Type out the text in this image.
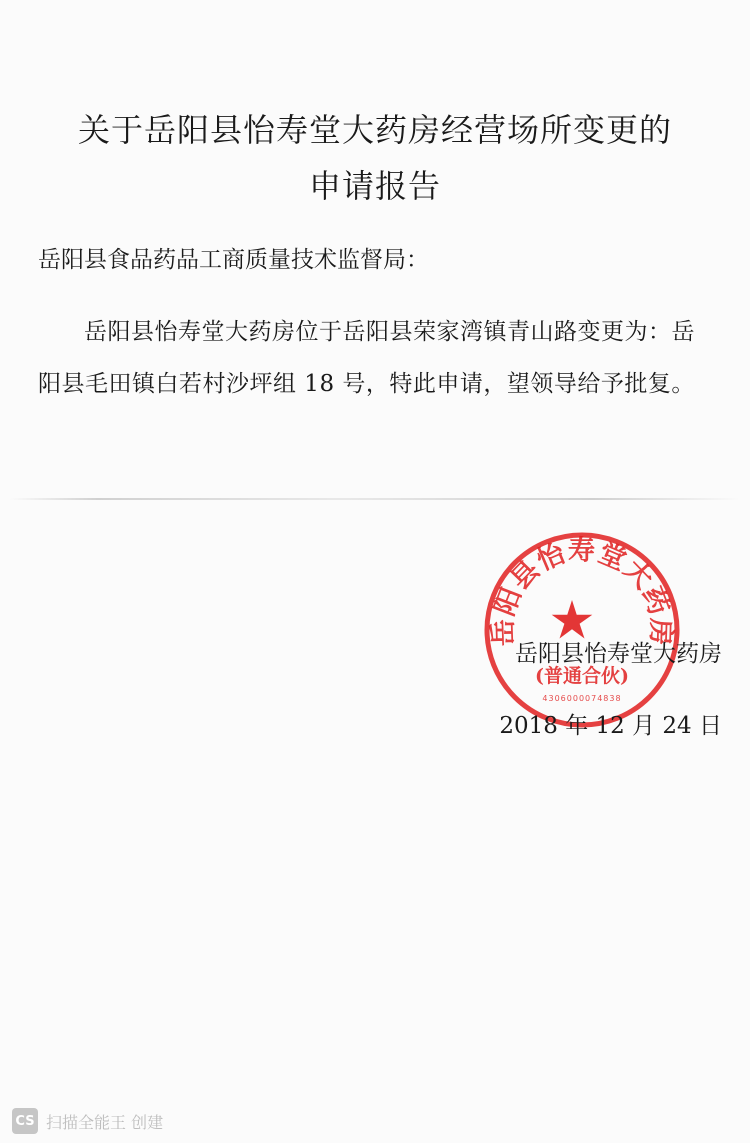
关于岳阳县怡寿堂大药房经营场所变更的
申请报告
岳阳县食品药品工商质量技术监督局：
岳阳县怡寿堂大药房位于岳阳县荣家湾镇青山路变更为：岳阳县毛田镇白若村沙坪组 18 号，特此申请，望领导给予批复。
岳阳县怡寿堂大药房
(普通合伙)
4306000074838
岳阳县怡寿堂大药房
2018 年 12 月 24 日
CS 扫描全能王 创建
